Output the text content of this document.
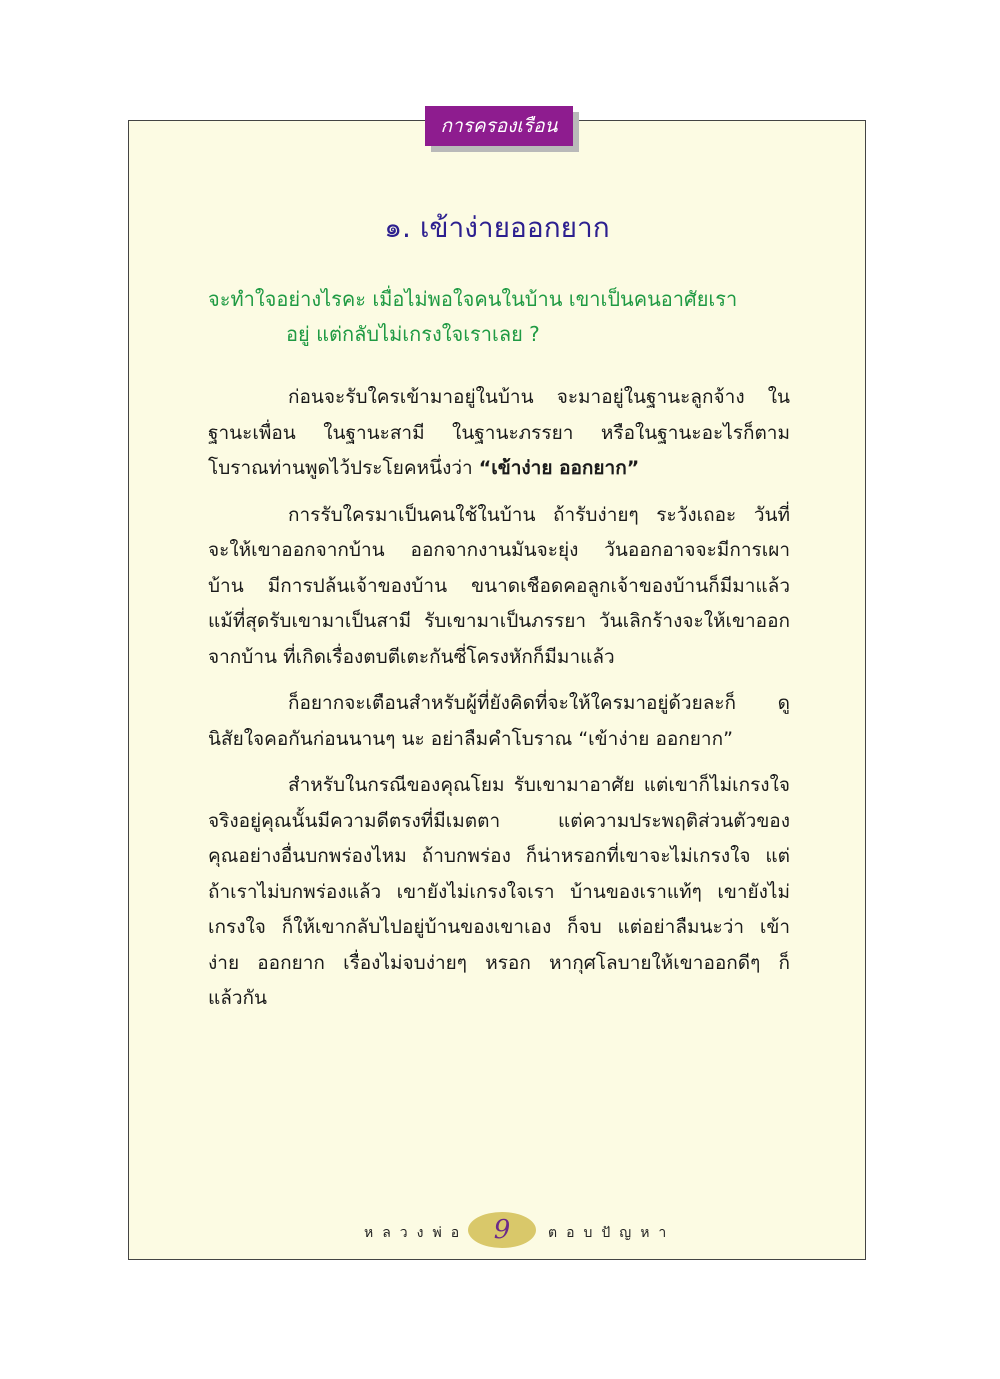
การครองเรือน
๑. เข้าง่ายออกยาก
จะทำใจอย่างไรคะ เมื่อไม่พอใจคนในบ้าน เขาเป็นคนอาศัยเรา
อยู่ แต่กลับไม่เกรงใจเราเลย ?

ก่อนจะรับใครเข้ามาอยู่ในบ้าน จะมาอยู่ในฐานะลูกจ้าง ใน
ฐานะเพื่อน ในฐานะสามี ในฐานะภรรยา หรือในฐานะอะไรก็ตาม
โบราณท่านพูดไว้ประโยคหนึ่งว่า “เข้าง่าย ออกยาก”

การรับใครมาเป็นคนใช้ในบ้าน ถ้ารับง่ายๆ ระวังเถอะ วันที่
จะให้เขาออกจากบ้าน ออกจากงานมันจะยุ่ง วันออกอาจจะมีการเผา
บ้าน มีการปล้นเจ้าของบ้าน ขนาดเชือดคอลูกเจ้าของบ้านก็มีมาแล้ว
แม้ที่สุดรับเขามาเป็นสามี รับเขามาเป็นภรรยา วันเลิกร้างจะให้เขาออก
จากบ้าน ที่เกิดเรื่องตบตีเตะกันซี่โครงหักก็มีมาแล้ว

ก็อยากจะเตือนสำหรับผู้ที่ยังคิดที่จะให้ใครมาอยู่ด้วยละก็ ดู
นิสัยใจคอกันก่อนนานๆ นะ อย่าลืมคำโบราณ “เข้าง่าย ออกยาก”

สำหรับในกรณีของคุณโยม รับเขามาอาศัย แต่เขาก็ไม่เกรงใจ
จริงอยู่คุณนั้นมีความดีตรงที่มีเมตตา แต่ความประพฤติส่วนตัวของ
คุณอย่างอื่นบกพร่องไหม ถ้าบกพร่อง ก็น่าหรอกที่เขาจะไม่เกรงใจ แต่
ถ้าเราไม่บกพร่องแล้ว เขายังไม่เกรงใจเรา บ้านของเราแท้ๆ เขายังไม่
เกรงใจ ก็ให้เขากลับไปอยู่บ้านของเขาเอง ก็จบ แต่อย่าลืมนะว่า เข้า
ง่าย ออกยาก เรื่องไม่จบง่ายๆ หรอก หากุศโลบายให้เขาออกดีๆ ก็
แล้วกัน

หลวงพ่อ 9	ตอบปัญหา
